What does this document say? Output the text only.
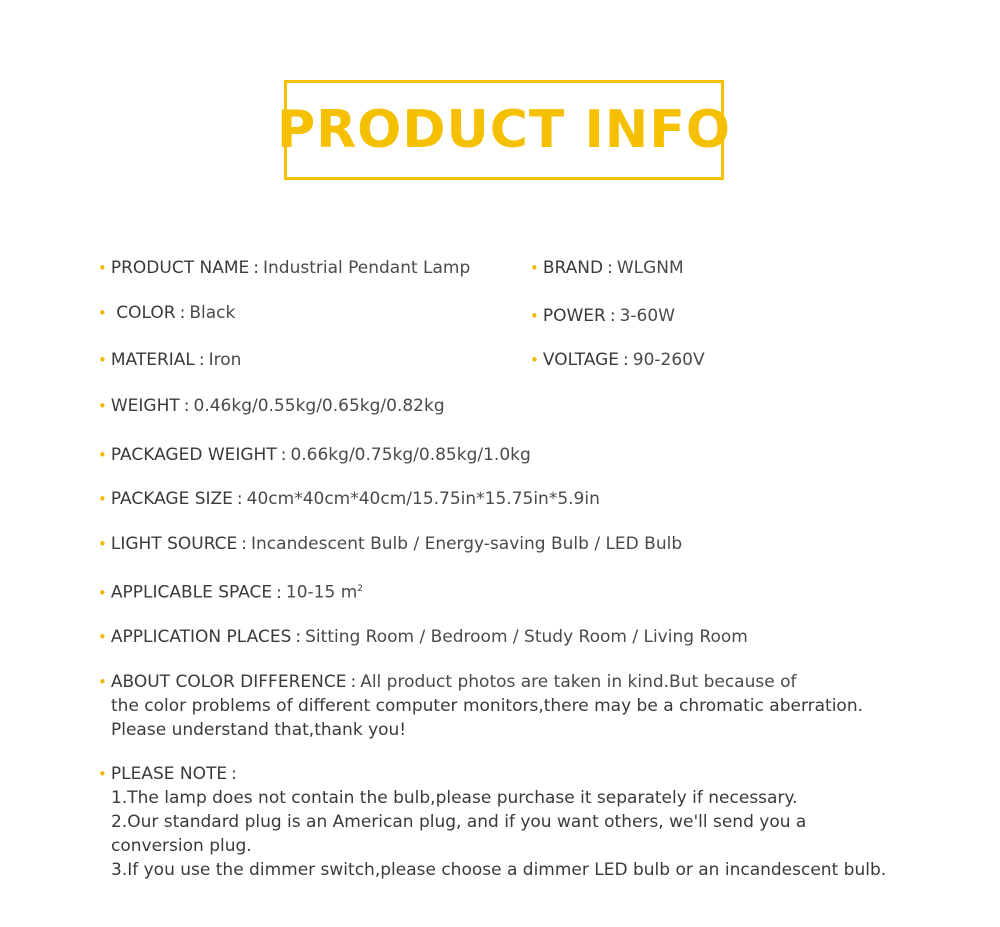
PRODUCT INFO
• PRODUCT NAME : Industrial Pendant Lamp	• BRAND : WLGNM
• COLOR : Black	• POWER : 3-60W
• MATERIAL : Iron	• VOLTAGE : 90-260V
• WEIGHT : 0.46kg/0.55kg/0.65kg/0.82kg
• PACKAGED WEIGHT : 0.66kg/0.75kg/0.85kg/1.0kg
• PACKAGE SIZE : 40cm*40cm*40cm/15.75in*15.75in*5.9in
• LIGHT SOURCE : Incandescent Bulb / Energy-saving Bulb / LED Bulb
• APPLICABLE SPACE : 10-15 $m^2$
• APPLICATION PLACES : Sitting Room / Bedroom / Study Room / Living Room
• ABOUT COLOR DIFFERENCE : All product photos are taken in kind.But because of
the color problems of different computer monitors,there may be a chromatic aberration.
Please understand that,thank you!
• PLEASE NOTE :
1.The lamp does not contain the bulb,please purchase it separately if necessary.
2.Our standard plug is an American plug, and if you want others, we'll send you a
conversion plug.
3.If you use the dimmer switch,please choose a dimmer LED bulb or an incandescent bulb.
